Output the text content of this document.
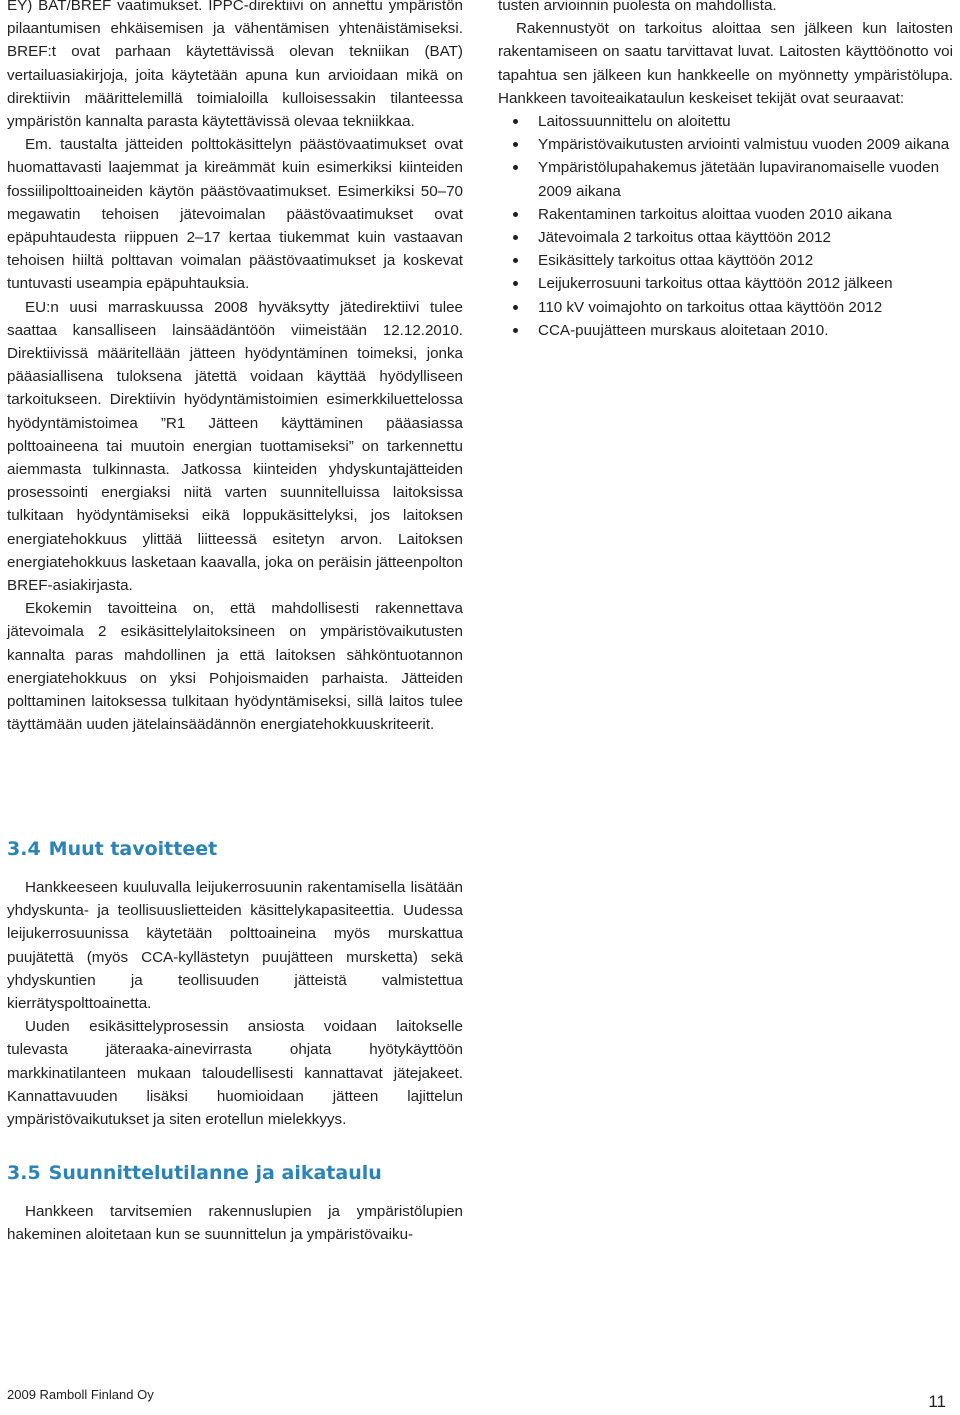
EY) BAT/BREF vaatimukset. IPPC-direktiivi on annettu ympäristön pilaantumisen ehkäisemisen ja vähentämisen yhtenäistämiseksi. BREF:t ovat parhaan käytettävissä olevan tekniikan (BAT) vertailuasiakirjoja, joita käytetään apuna kun arvioidaan mikä on direktiivin määrittelemillä toimialoilla kulloisessakin tilanteessa ympäristön kannalta parasta käytettävissä olevaa tekniikkaa.

Em. taustalta jätteiden polttokäsittelyn päästövaatimukset ovat huomattavasti laajemmat ja kireämmät kuin esimerkiksi kiinteiden fossiilipolttoaineiden käytön päästövaatimukset. Esimerkiksi 50–70 megawatin tehoisen jätevoimalan päästövaatimukset ovat epäpuhtaudesta riippuen 2–17 kertaa tiukemmat kuin vastaavan tehoisen hiiltä polttavan voimalan päästövaatimukset ja koskevat tuntuvasti useampia epäpuhtauksia.

EU:n uusi marraskuussa 2008 hyväksytty jätedirektiivi tulee saattaa kansalliseen lainsäädäntöön viimeistään 12.12.2010. Direktiivissä määritellään jätteen hyödyntäminen toimeksi, jonka pääasiallisena tuloksena jätettä voidaan käyttää hyödylliseen tarkoitukseen. Direktiivin hyödyntämistoimien esimerkkiluettelossa hyödyntämistoimea ”R1 Jätteen käyttäminen pääasiassa polttoaineena tai muutoin energian tuottamiseksi” on tarkennettu aiemmasta tulkinnasta. Jatkossa kiinteiden yhdyskuntajätteiden prosessointi energiaksi niitä varten suunnitelluissa laitoksissa tulkitaan hyödyntämiseksi eikä loppukäsittelyksi, jos laitoksen energiatehokkuus ylittää liitteessä esitetyn arvon. Laitoksen energiatehokkuus lasketaan kaavalla, joka on peräisin jätteenpolton BREF-asiakirjasta.

Ekokemin tavoitteina on, että mahdollisesti rakennettava jätevoimala 2 esikäsittelylaitoksineen on ympäristövaikutusten kannalta paras mahdollinen ja että laitoksen sähköntuotannon energiatehokkuus on yksi Pohjoismaiden parhaista. Jätteiden polttaminen laitoksessa tulkitaan hyödyntämiseksi, sillä laitos tulee täyttämään uuden jätelainsäädännön energiatehokkuuskriteerit.

3.4 Muut tavoitteet

Hankkeeseen kuuluvalla leijukerrosuunin rakentamisella lisätään yhdyskunta- ja teollisuuslietteiden käsittelykapasiteettia. Uudessa leijukerrosuunissa käytetään polttoaineina myös murskattua puujätettä (myös CCA-kyllästetyn puujätteen mursketta) sekä yhdyskuntien ja teollisuuden jätteistä valmistettua kierrätyspolttoainetta.

Uuden esikäsittelyprosessin ansiosta voidaan laitokselle tulevasta jäteraaka-ainevirrasta ohjata hyötykäyttöön markkinatilanteen mukaan taloudellisesti kannattavat jätejakeet. Kannattavuuden lisäksi huomioidaan jätteen lajittelun ympäristövaikutukset ja siten erotellun mielekkyys.

3.5 Suunnittelutilanne ja aikataulu

Hankkeen tarvitsemien rakennuslupien ja ympäristölupien hakeminen aloitetaan kun se suunnittelun ja ympäristövaiku-

tusten arvioinnin puolesta on mahdollista.

Rakennustyöt on tarkoitus aloittaa sen jälkeen kun laitosten rakentamiseen on saatu tarvittavat luvat. Laitosten käyttöönotto voi tapahtua sen jälkeen kun hankkeelle on myönnetty ympäristölupa. Hankkeen tavoiteaikataulun keskeiset tekijät ovat seuraavat:

Laitossuunnittelu on aloitettu
Ympäristövaikutusten arviointi valmistuu vuoden 2009 aikana
Ympäristölupahakemus jätetään lupaviranomaiselle vuoden 2009 aikana
Rakentaminen tarkoitus aloittaa vuoden 2010 aikana
Jätevoimala 2 tarkoitus ottaa käyttöön 2012
Esikäsittely tarkoitus ottaa käyttöön 2012
Leijukerrosuuni tarkoitus ottaa käyttöön 2012 jälkeen
110 kV voimajohto on tarkoitus ottaa käyttöön 2012
CCA-puujätteen murskaus aloitetaan 2010.
2009 Ramboll Finland Oy	11
